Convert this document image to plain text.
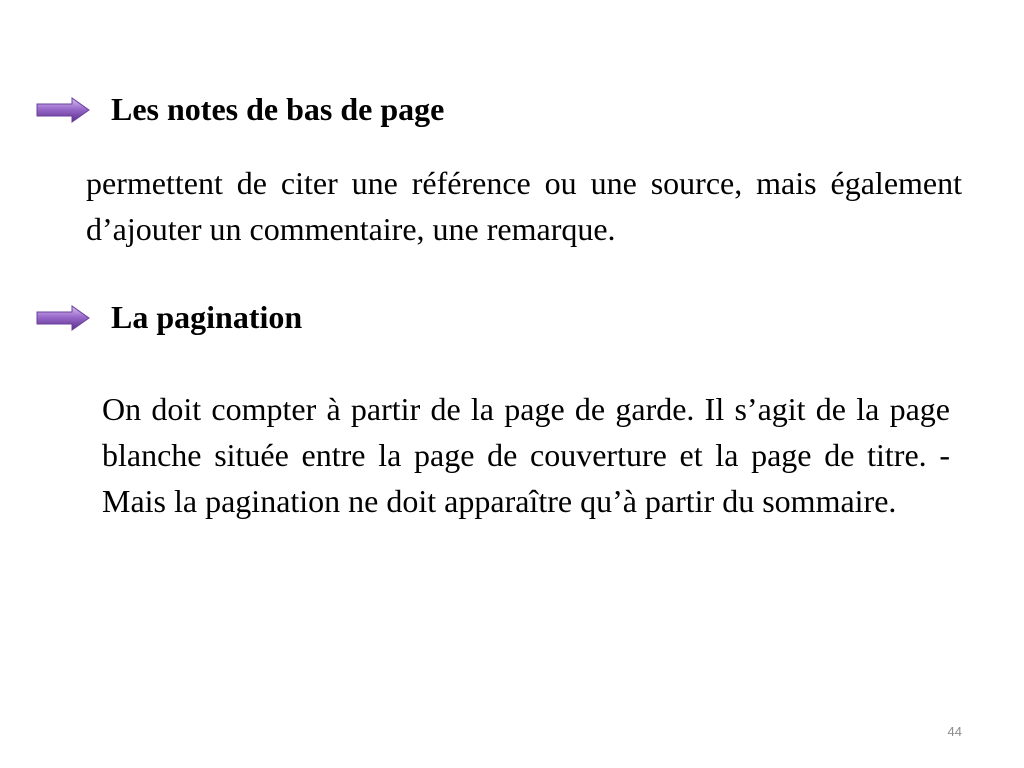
Les notes de bas de page
permettent de citer une référence ou une source, mais également d’ajouter un commentaire, une remarque.
La pagination
On doit compter à partir de la page de garde. Il s’agit de la page blanche située entre la page de couverture et la page de titre. - Mais la pagination ne doit apparaître qu’à partir du sommaire.
44
